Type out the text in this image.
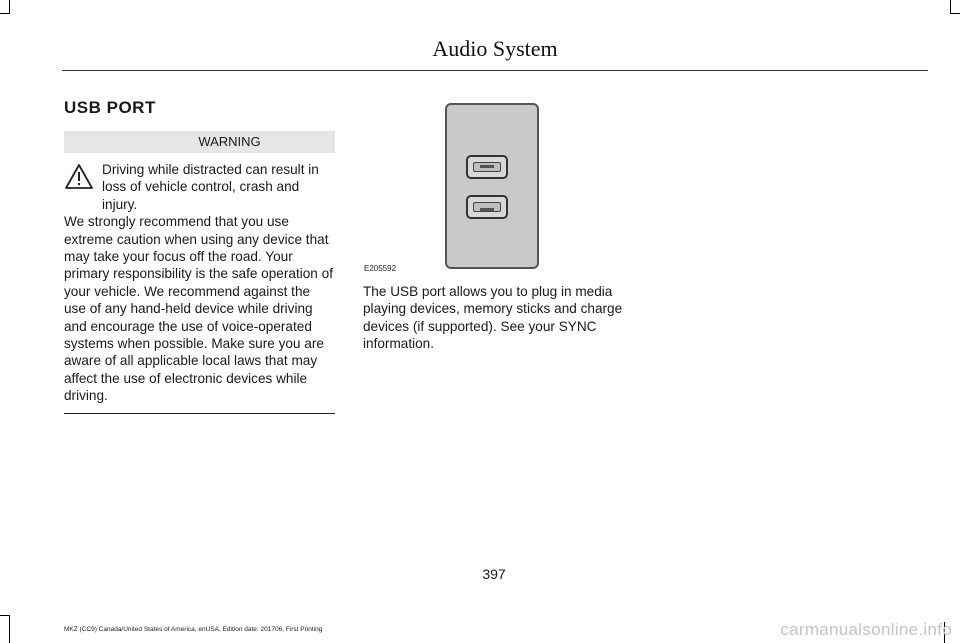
Audio System
USB PORT
WARNING
Driving while distracted can result in loss of vehicle control, crash and injury.
We strongly recommend that you use extreme caution when using any device that may take your focus off the road. Your primary responsibility is the safe operation of your vehicle. We recommend against the use of any hand-held device while driving and encourage the use of voice-operated systems when possible. Make sure you are aware of all applicable local laws that may affect the use of electronic devices while driving.
E205592
The USB port allows you to plug in media playing devices, memory sticks and charge devices (if supported). See your SYNC information.
397
MKZ (CC9) Canada/United States of America, enUSA, Edition date: 201706, First Printing	carmanualsonline.info
